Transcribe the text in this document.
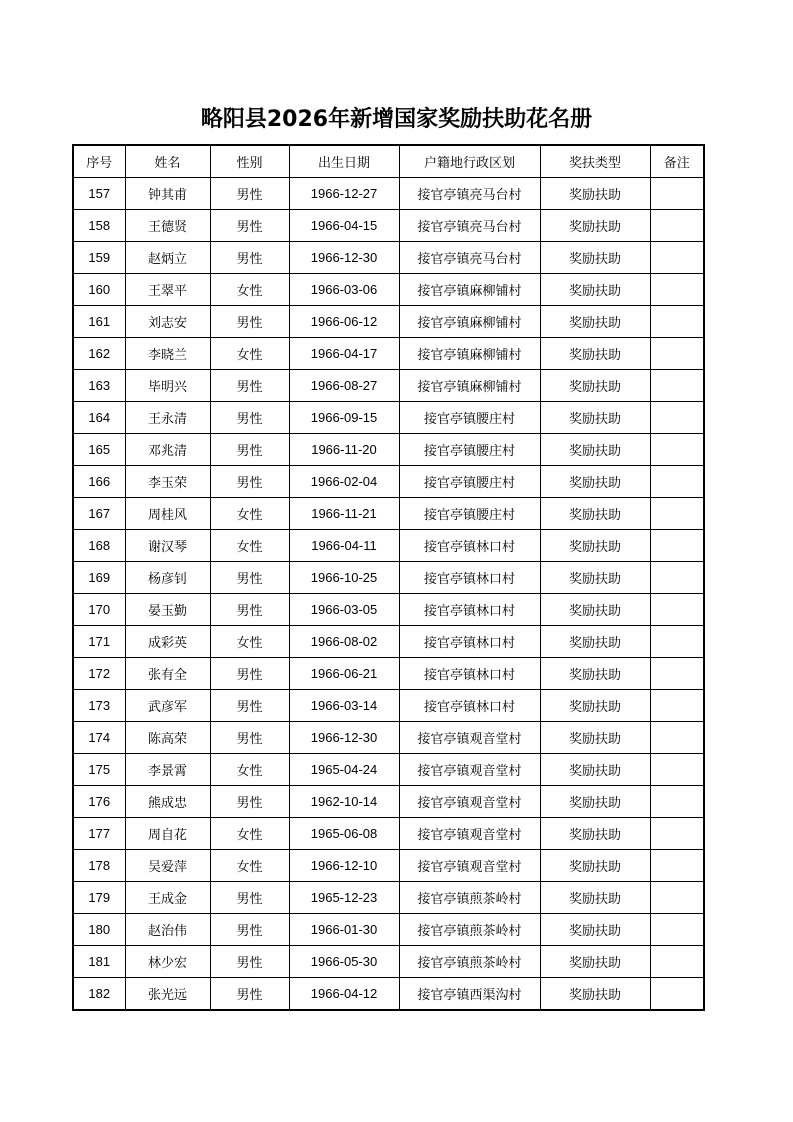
略阳县2026年新增国家奖励扶助花名册
序号	姓名	性别	出生日期	户籍地行政区划	奖扶类型	备注
157	钟其甫	男性	1966-12-27	接官亭镇亮马台村	奖励扶助	
158	王德贤	男性	1966-04-15	接官亭镇亮马台村	奖励扶助	
159	赵炳立	男性	1966-12-30	接官亭镇亮马台村	奖励扶助	
160	王翠平	女性	1966-03-06	接官亭镇麻柳铺村	奖励扶助	
161	刘志安	男性	1966-06-12	接官亭镇麻柳铺村	奖励扶助	
162	李晓兰	女性	1966-04-17	接官亭镇麻柳铺村	奖励扶助	
163	毕明兴	男性	1966-08-27	接官亭镇麻柳铺村	奖励扶助	
164	王永清	男性	1966-09-15	接官亭镇腰庄村	奖励扶助	
165	邓兆清	男性	1966-11-20	接官亭镇腰庄村	奖励扶助	
166	李玉荣	男性	1966-02-04	接官亭镇腰庄村	奖励扶助	
167	周桂风	女性	1966-11-21	接官亭镇腰庄村	奖励扶助	
168	谢汉琴	女性	1966-04-11	接官亭镇林口村	奖励扶助	
169	杨彦钊	男性	1966-10-25	接官亭镇林口村	奖励扶助	
170	晏玉勤	男性	1966-03-05	接官亭镇林口村	奖励扶助	
171	成彩英	女性	1966-08-02	接官亭镇林口村	奖励扶助	
172	张有全	男性	1966-06-21	接官亭镇林口村	奖励扶助	
173	武彦军	男性	1966-03-14	接官亭镇林口村	奖励扶助	
174	陈高荣	男性	1966-12-30	接官亭镇观音堂村	奖励扶助	
175	李景霄	女性	1965-04-24	接官亭镇观音堂村	奖励扶助	
176	熊成忠	男性	1962-10-14	接官亭镇观音堂村	奖励扶助	
177	周自花	女性	1965-06-08	接官亭镇观音堂村	奖励扶助	
178	吴爱萍	女性	1966-12-10	接官亭镇观音堂村	奖励扶助	
179	王成金	男性	1965-12-23	接官亭镇煎茶岭村	奖励扶助	
180	赵治伟	男性	1966-01-30	接官亭镇煎茶岭村	奖励扶助	
181	林少宏	男性	1966-05-30	接官亭镇煎茶岭村	奖励扶助	
182	张光远	男性	1966-04-12	接官亭镇西渠沟村	奖励扶助	
